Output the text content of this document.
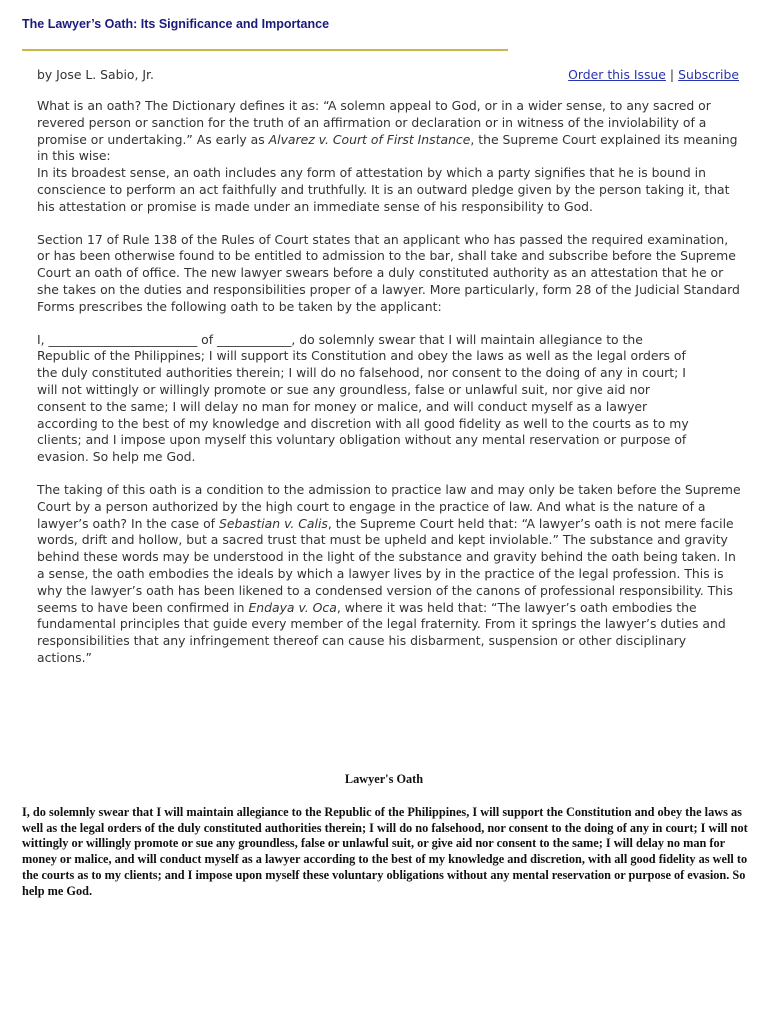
The Lawyer’s Oath: Its Significance and Importance
by Jose L. Sabio, Jr.	Order this Issue | Subscribe

What is an oath? The Dictionary defines it as: “A solemn appeal to God, or in a wider sense, to any sacred or revered person or sanction for the truth of an affirmation or declaration or in witness of the inviolability of a promise or undertaking.” As early as Alvarez v. Court of First Instance, the Supreme Court explained its meaning in this wise:

In its broadest sense, an oath includes any form of attestation by which a party signifies that he is bound in conscience to perform an act faithfully and truthfully. It is an outward pledge given by the person taking it, that his attestation or promise is made under an immediate sense of his responsibility to God.

Section 17 of Rule 138 of the Rules of Court states that an applicant who has passed the required examination, or has been otherwise found to be entitled to admission to the bar, shall take and subscribe before the Supreme Court an oath of office. The new lawyer swears before a duly constituted authority as an attestation that he or she takes on the duties and responsibilities proper of a lawyer. More particularly, form 28 of the Judicial Standard Forms prescribes the following oath to be taken by the applicant:

I, ________________________ of ____________, do solemnly swear that I will maintain allegiance to the Republic of the Philippines; I will support its Constitution and obey the laws as well as the legal orders of the duly constituted authorities therein; I will do no falsehood, nor consent to the doing of any in court; I will not wittingly or willingly promote or sue any groundless, false or unlawful suit, nor give aid nor consent to the same; I will delay no man for money or malice, and will conduct myself as a lawyer according to the best of my knowledge and discretion with all good fidelity as well to the courts as to my clients; and I impose upon myself this voluntary obligation without any mental reservation or purpose of evasion. So help me God.

The taking of this oath is a condition to the admission to practice law and may only be taken before the Supreme Court by a person authorized by the high court to engage in the practice of law. And what is the nature of a lawyer’s oath? In the case of Sebastian v. Calis, the Supreme Court held that: “A lawyer’s oath is not mere facile words, drift and hollow, but a sacred trust that must be upheld and kept inviolable.” The substance and gravity behind these words may be understood in the light of the substance and gravity behind the oath being taken. In a sense, the oath embodies the ideals by which a lawyer lives by in the practice of the legal profession. This is why the lawyer’s oath has been likened to a condensed version of the canons of professional responsibility. This seems to have been confirmed in Endaya v. Oca, where it was held that: “The lawyer’s oath embodies the fundamental principles that guide every member of the legal fraternity. From it springs the lawyer’s duties and responsibilities that any infringement thereof can cause his disbarment, suspension or other disciplinary actions.”

Lawyer's Oath
I, do solemnly swear that I will maintain allegiance to the Republic of the Philippines, I will support the Constitution and obey the laws as well as the legal orders of the duly constituted authorities therein; I will do no falsehood, nor consent to the doing of any in court; I will not wittingly or willingly promote or sue any groundless, false or unlawful suit, or give aid nor consent to the same; I will delay no man for money or malice, and will conduct myself as a lawyer according to the best of my knowledge and discretion, with all good fidelity as well to the courts as to my clients; and I impose upon myself these voluntary obligations without any mental reservation or purpose of evasion. So help me God.
